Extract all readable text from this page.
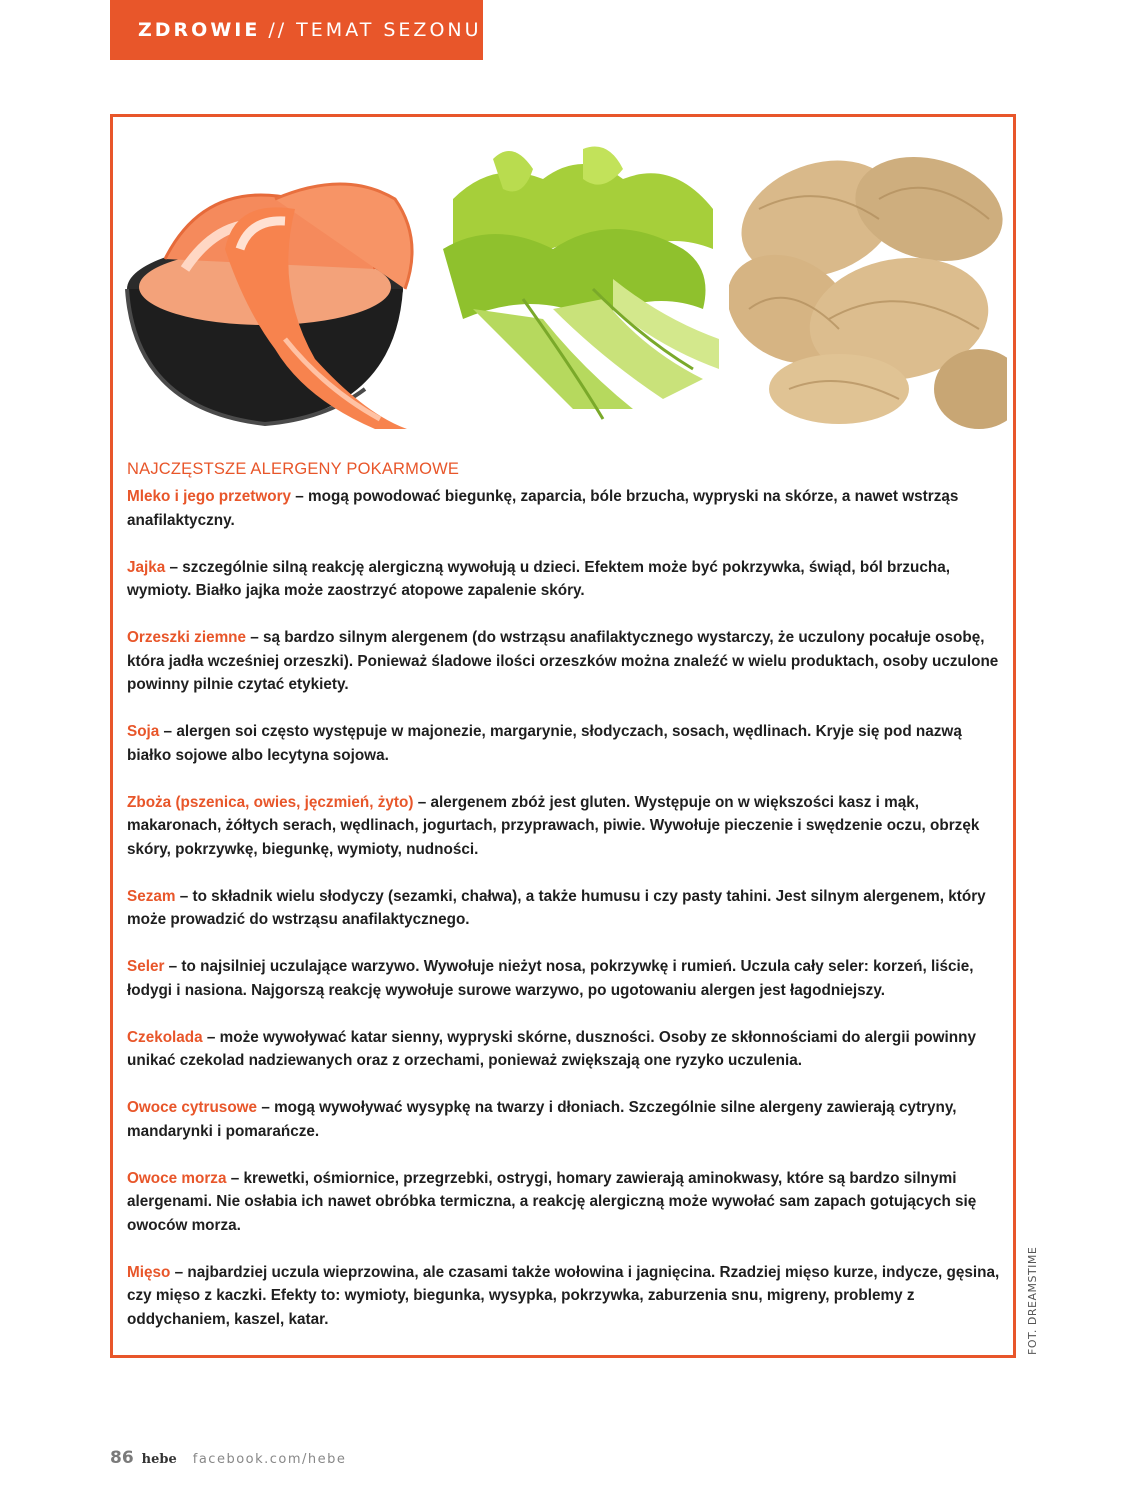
ZDROWIE // TEMAT SEZONU
NAJCZĘSTSZE ALERGENY POKARMOWE
Mleko i jego przetwory – mogą powodować biegunkę, zaparcia, bóle brzucha, wypryski na skórze, a nawet wstrząs anafilaktyczny.
Jajka – szczególnie silną reakcję alergiczną wywołują u dzieci. Efektem może być pokrzywka, świąd, ból brzucha, wymioty. Białko jajka może zaostrzyć atopowe zapalenie skóry.
Orzeszki ziemne – są bardzo silnym alergenem (do wstrząsu anafilaktycznego wystarczy, że uczulony pocałuje osobę, która jadła wcześniej orzeszki). Ponieważ śladowe ilości orzeszków można znaleźć w wielu produktach, osoby uczulone powinny pilnie czytać etykiety.
Soja – alergen soi często występuje w majonezie, margarynie, słodyczach, sosach, wędlinach. Kryje się pod nazwą białko sojowe albo lecytyna sojowa.
Zboża (pszenica, owies, jęczmień, żyto) – alergenem zbóż jest gluten. Występuje on w większości kasz i mąk, makaronach, żółtych serach, wędlinach, jogurtach, przyprawach, piwie. Wywołuje pieczenie i swędzenie oczu, obrzęk skóry, pokrzywkę, biegunkę, wymioty, nudności.
Sezam – to składnik wielu słodyczy (sezamki, chałwa), a także humusu i czy pasty tahini. Jest silnym alergenem, który może prowadzić do wstrząsu anafilaktycznego.
Seler – to najsilniej uczulające warzywo. Wywołuje nieżyt nosa, pokrzywkę i rumień. Uczula cały seler: korzeń, liście, łodygi i nasiona. Najgorszą reakcję wywołuje surowe warzywo, po ugotowaniu alergen jest łagodniejszy.
Czekolada – może wywoływać katar sienny, wypryski skórne, duszności. Osoby ze skłonnościami do alergii powinny unikać czekolad nadziewanych oraz z orzechami, ponieważ zwiększają one ryzyko uczulenia.
Owoce cytrusowe – mogą wywoływać wysypkę na twarzy i dłoniach. Szczególnie silne alergeny zawierają cytryny, mandarynki i pomarańcze.
Owoce morza – krewetki, ośmiornice, przegrzebki, ostrygi, homary zawierają aminokwasy, które są bardzo silnymi alergenami. Nie osłabia ich nawet obróbka termiczna, a reakcję alergiczną może wywołać sam zapach gotujących się owoców morza.
Mięso – najbardziej uczula wieprzowina, ale czasami także wołowina i jagnięcina. Rzadziej mięso kurze, indycze, gęsina, czy mięso z kaczki. Efekty to: wymioty, biegunka, wysypka, pokrzywka, zaburzenia snu, migreny, problemy z oddychaniem, kaszel, katar.	FOT. DREAMSTIME
86 hebe facebook.com/hebe
